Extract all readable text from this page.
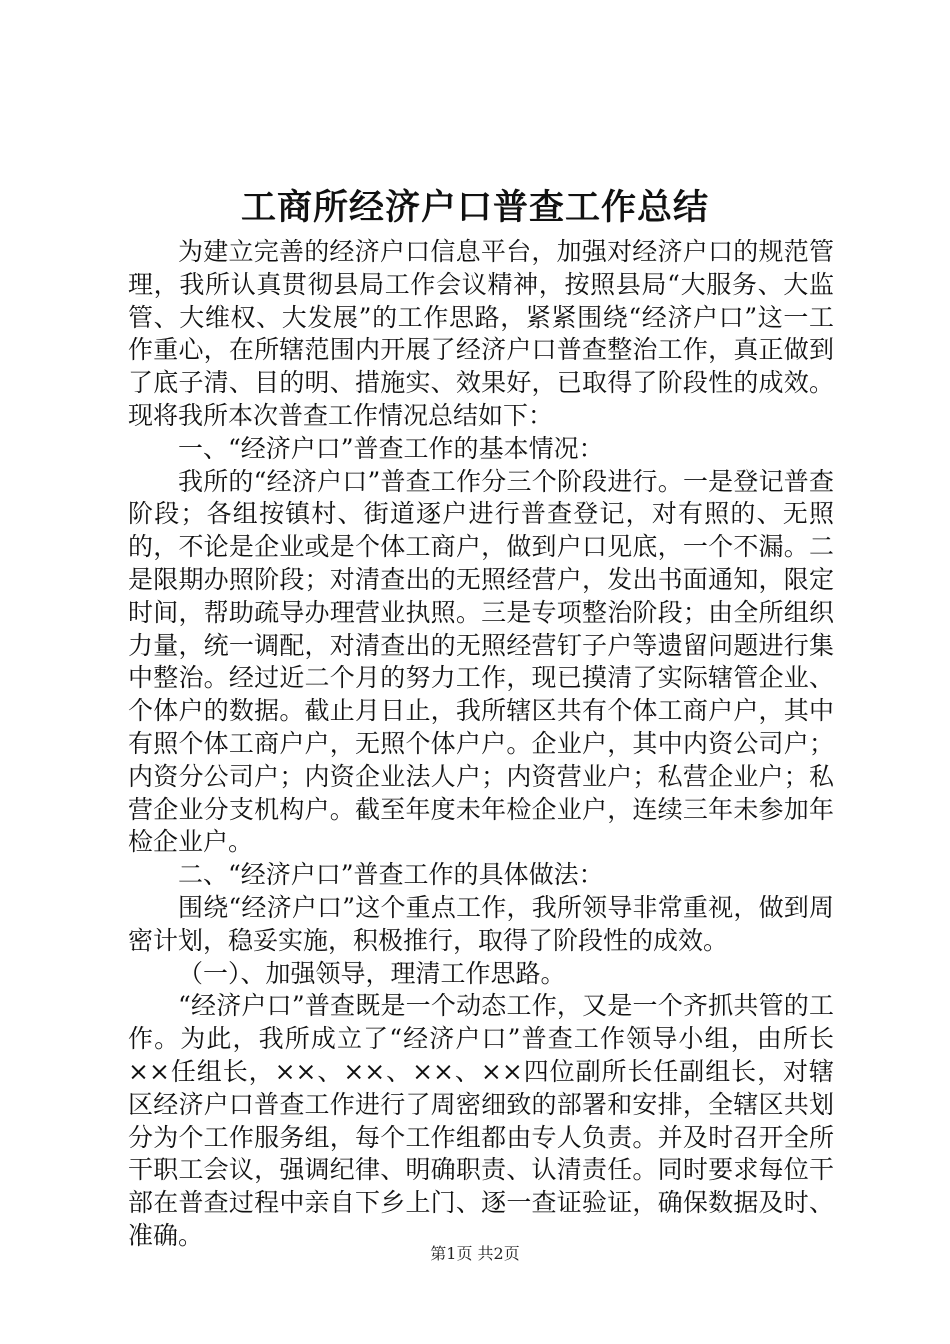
工商所经济户口普查工作总结

为建立完善的经济户口信息平台，加强对经济户口的规范管理，我所认真贯彻县局工作会议精神，按照县局“大服务、大监管、大维权、大发展”的工作思路，紧紧围绕“经济户口”这一工作重心，在所辖范围内开展了经济户口普查整治工作，真正做到了底子清、目的明、措施实、效果好，已取得了阶段性的成效。现将我所本次普查工作情况总结如下：

一、“经济户口”普查工作的基本情况：

我所的“经济户口”普查工作分三个阶段进行。一是登记普查阶段；各组按镇村、街道逐户进行普查登记，对有照的、无照的，不论是企业或是个体工商户，做到户口见底，一个不漏。二是限期办照阶段；对清查出的无照经营户，发出书面通知，限定时间，帮助疏导办理营业执照。三是专项整治阶段；由全所组织力量，统一调配，对清查出的无照经营钉子户等遗留问题进行集中整治。经过近二个月的努力工作，现已摸清了实际辖管企业、个体户的数据。截止月日止，我所辖区共有个体工商户户，其中有照个体工商户户，无照个体户户。企业户，其中内资公司户；内资分公司户；内资企业法人户；内资营业户；私营企业户；私营企业分支机构户。截至年度未年检企业户，连续三年未参加年检企业户。

二、“经济户口”普查工作的具体做法：

围绕“经济户口”这个重点工作，我所领导非常重视，做到周密计划，稳妥实施，积极推行，取得了阶段性的成效。

（一）、加强领导，理清工作思路。

“经济户口”普查既是一个动态工作，又是一个齐抓共管的工作。为此，我所成立了“经济户口”普查工作领导小组，由所长××任组长，××、××、××、××四位副所长任副组长，对辖区经济户口普查工作进行了周密细致的部署和安排，全辖区共划分为个工作服务组，每个工作组都由专人负责。并及时召开全所干职工会议，强调纪律、明确职责、认清责任。同时要求每位干部在普查过程中亲自下乡上门、逐一查证验证，确保数据及时、准确。

第1页 共2页
